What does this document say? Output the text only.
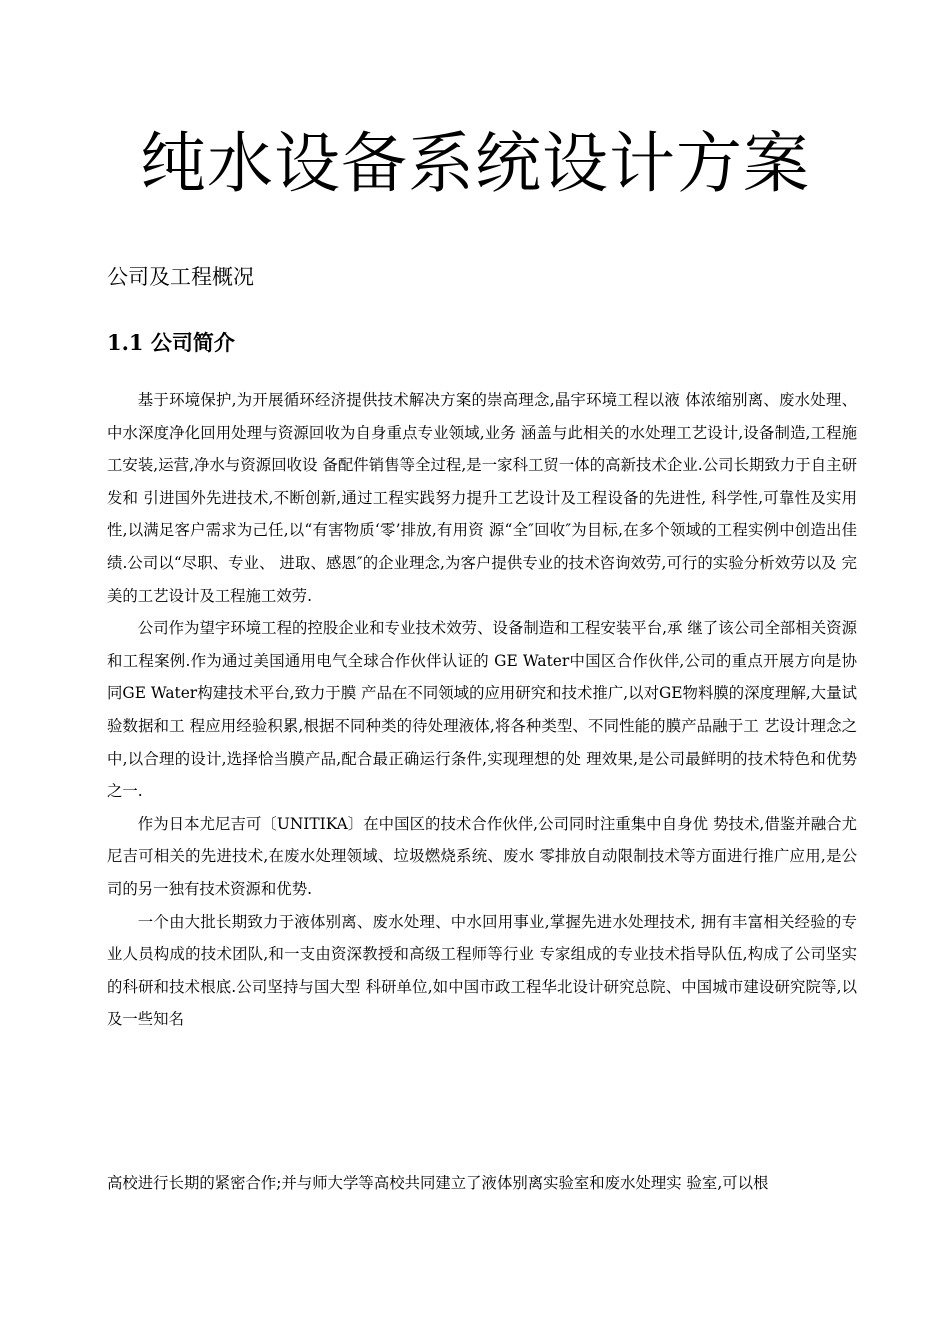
纯水设备系统设计方案
公司及工程概况
1.1 公司简介

基于环境保护,为开展循环经济提供技术解决方案的崇高理念,晶宇环境工程以液 体浓缩别离、废水处理、中水深度净化回用处理与资源回收为自身重点专业领域,业务 涵盖与此相关的水处理工艺设计,设备制造,工程施工安装,运营,净水与资源回收设 备配件销售等全过程,是一家科工贸一体的高新技术企业.公司长期致力于自主研发和 引进国外先进技术,不断创新,通过工程实践努力提升工艺设计及工程设备的先进性, 科学性,可靠性及实用性,以满足客户需求为己任,以“有害物质‘零’排放,有用资 源“全″回收″为目标,在多个领域的工程实例中创造出佳绩.公司以“尽职、专业、 进取、感恩″的企业理念,为客户提供专业的技术咨询效劳,可行的实验分析效劳以及 完美的工艺设计及工程施工效劳.

公司作为望宇环境工程的控股企业和专业技术效劳、设备制造和工程安装平台,承 继了该公司全部相关资源和工程案例.作为通过美国通用电气全球合作伙伴认证的 GE Water中国区合作伙伴,公司的重点开展方向是协同GE Water构建技术平台,致力于膜 产品在不同领域的应用研究和技术推广,以对GE物料膜的深度理解,大量试验数据和工 程应用经验积累,根据不同种类的待处理液体,将各种类型、不同性能的膜产品融于工 艺设计理念之中,以合理的设计,选择恰当膜产品,配合最正确运行条件,实现理想的处 理效果,是公司最鲜明的技术特色和优势之一.

作为日本尤尼吉可〔UNITIKA〕在中国区的技术合作伙伴,公司同时注重集中自身优 势技术,借鉴并融合尤尼吉可相关的先进技术,在废水处理领域、垃圾燃烧系统、废水 零排放自动限制技术等方面进行推广应用,是公司的另一独有技术资源和优势.

一个由大批长期致力于液体别离、废水处理、中水回用事业,掌握先进水处理技术, 拥有丰富相关经验的专业人员构成的技术团队,和一支由资深教授和高级工程师等行业 专家组成的专业技术指导队伍,构成了公司坚实的科研和技术根底.公司坚持与国大型 科研单位,如中国市政工程华北设计研究总院、中国城市建设研究院等,以及一些知名

高校进行长期的紧密合作;并与师大学等高校共同建立了液体别离实验室和废水处理实 验室,可以根
